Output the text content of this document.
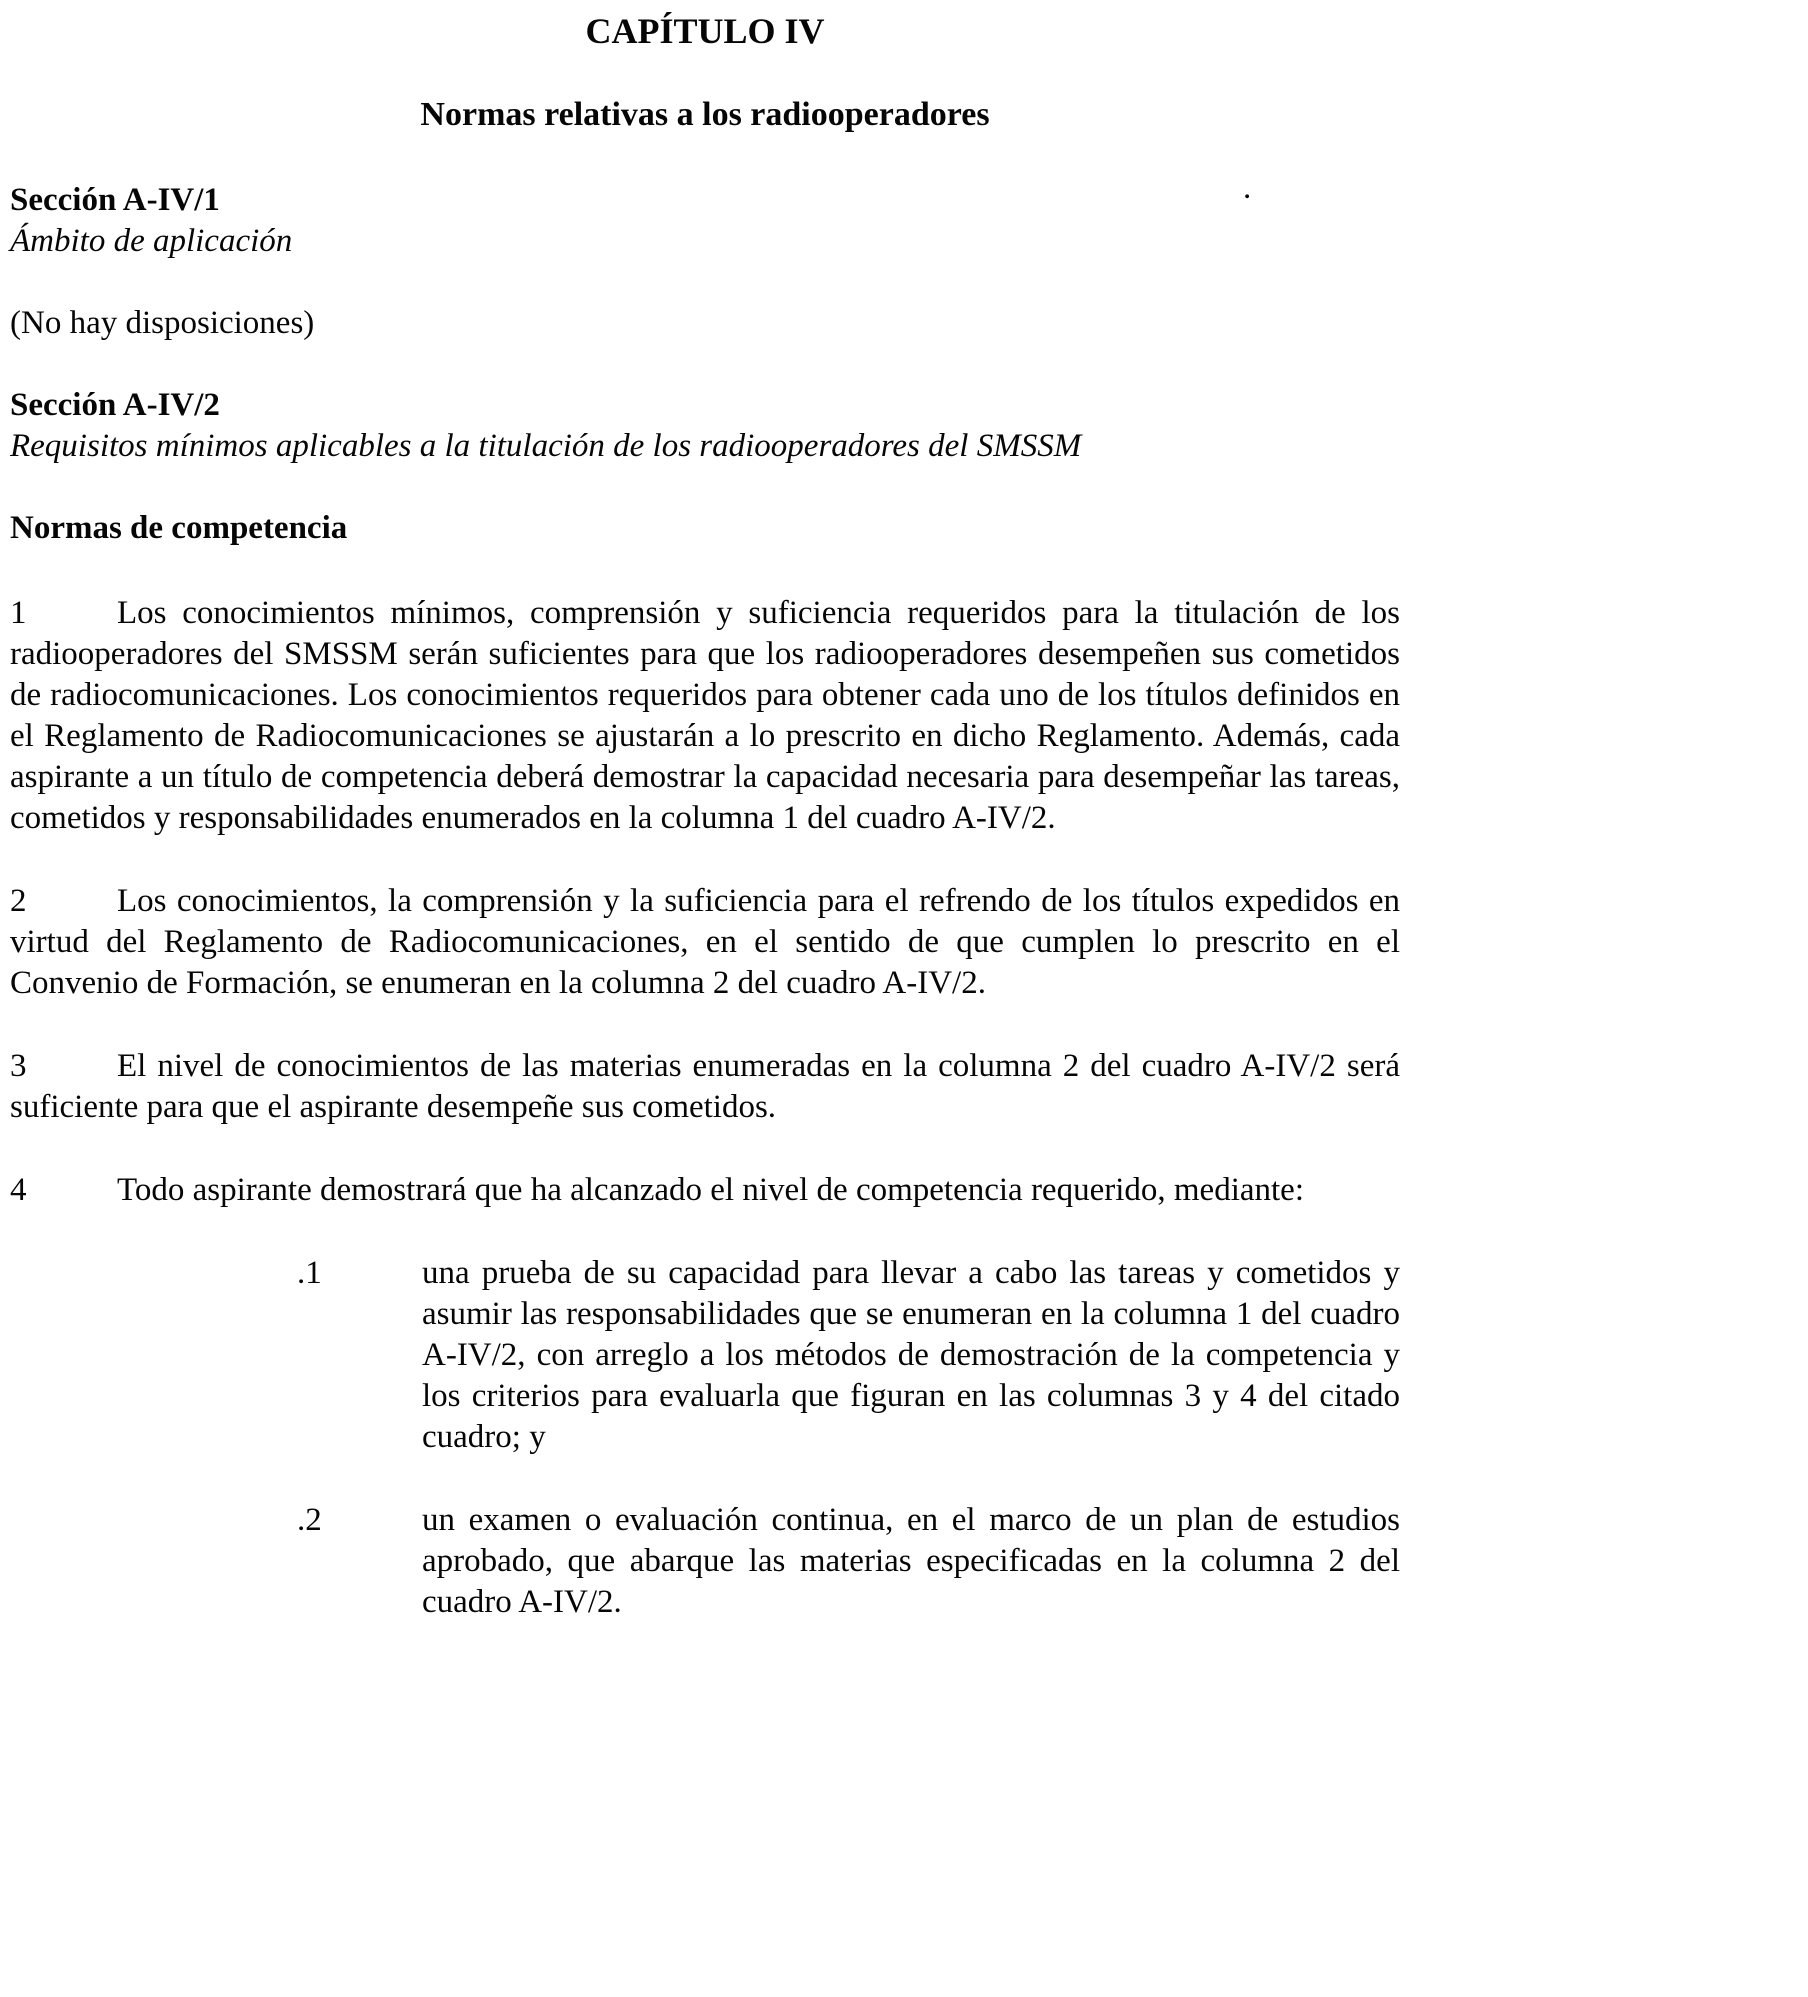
CAPÍTULO IV
Normas relativas a los radiooperadores
Sección A-IV/1
Ámbito de aplicación

(No hay disposiciones)

Sección A-IV/2
Requisitos mínimos aplicables a la titulación de los radiooperadores del SMSSM
Normas de competencia

1	Los conocimientos mínimos, comprensión y suficiencia requeridos para la titulación de los radiooperadores del SMSSM serán suficientes para que los radiooperadores desempeñen sus cometidos de radiocomunicaciones. Los conocimientos requeridos para obtener cada uno de los títulos definidos en el Reglamento de Radiocomunicaciones se ajustarán a lo prescrito en dicho Reglamento. Además, cada aspirante a un título de competencia deberá demostrar la capacidad necesaria para desempeñar las tareas, cometidos y responsabilidades enumerados en la columna 1 del cuadro A-IV/2.

2	Los conocimientos, la comprensión y la suficiencia para el refrendo de los títulos expedidos en virtud del Reglamento de Radiocomunicaciones, en el sentido de que cumplen lo prescrito en el Convenio de Formación, se enumeran en la columna 2 del cuadro A-IV/2.

3	El nivel de conocimientos de las materias enumeradas en la columna 2 del cuadro A-IV/2 será suficiente para que el aspirante desempeñe sus cometidos.

4	Todo aspirante demostrará que ha alcanzado el nivel de competencia requerido, mediante:

.1	una prueba de su capacidad para llevar a cabo las tareas y cometidos y asumir las responsabilidades que se enumeran en la columna 1 del cuadro A-IV/2, con arreglo a los métodos de demostración de la competencia y los criterios para evaluarla que figuran en las columnas 3 y 4 del citado cuadro; y
.2	un examen o evaluación continua, en el marco de un plan de estudios aprobado, que abarque las materias especificadas en la columna 2 del cuadro A-IV/2.
.
